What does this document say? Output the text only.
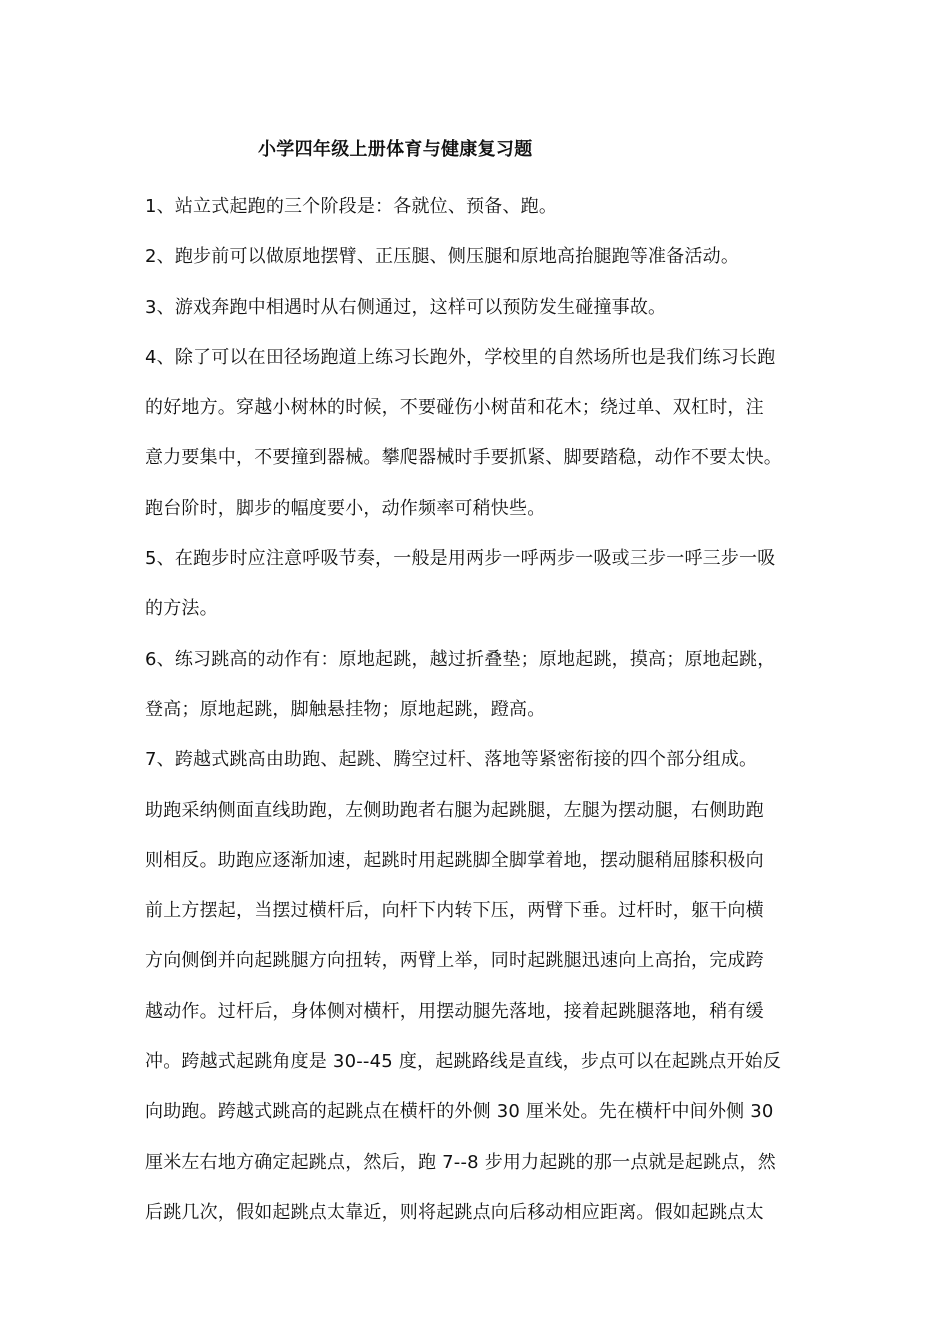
小学四年级上册体育与健康复习题
1、站立式起跑的三个阶段是：各就位、预备、跑。
2、跑步前可以做原地摆臂、正压腿、侧压腿和原地高抬腿跑等准备活动。
3、游戏奔跑中相遇时从右侧通过，这样可以预防发生碰撞事故。
4、除了可以在田径场跑道上练习长跑外，学校里的自然场所也是我们练习长跑
的好地方。穿越小树林的时候，不要碰伤小树苗和花木；绕过单、双杠时，注
意力要集中，不要撞到器械。攀爬器械时手要抓紧、脚要踏稳，动作不要太快。
跑台阶时，脚步的幅度要小，动作频率可稍快些。
5、在跑步时应注意呼吸节奏，一般是用两步一呼两步一吸或三步一呼三步一吸
的方法。
6、练习跳高的动作有：原地起跳，越过折叠垫；原地起跳，摸高；原地起跳，
登高；原地起跳，脚触悬挂物；原地起跳，蹬高。
7、跨越式跳高由助跑、起跳、腾空过杆、落地等紧密衔接的四个部分组成。
助跑采纳侧面直线助跑，左侧助跑者右腿为起跳腿，左腿为摆动腿，右侧助跑
则相反。助跑应逐渐加速，起跳时用起跳脚全脚掌着地，摆动腿稍屈膝积极向
前上方摆起，当摆过横杆后，向杆下内转下压，两臂下垂。过杆时，躯干向横
方向侧倒并向起跳腿方向扭转，两臂上举，同时起跳腿迅速向上高抬，完成跨
越动作。过杆后，身体侧对横杆，用摆动腿先落地，接着起跳腿落地，稍有缓
冲。跨越式起跳角度是 30--45 度，起跳路线是直线，步点可以在起跳点开始反
向助跑。跨越式跳高的起跳点在横杆的外侧 30 厘米处。先在横杆中间外侧 30
厘米左右地方确定起跳点，然后，跑 7--8 步用力起跳的那一点就是起跳点，然
后跳几次，假如起跳点太靠近，则将起跳点向后移动相应距离。假如起跳点太
